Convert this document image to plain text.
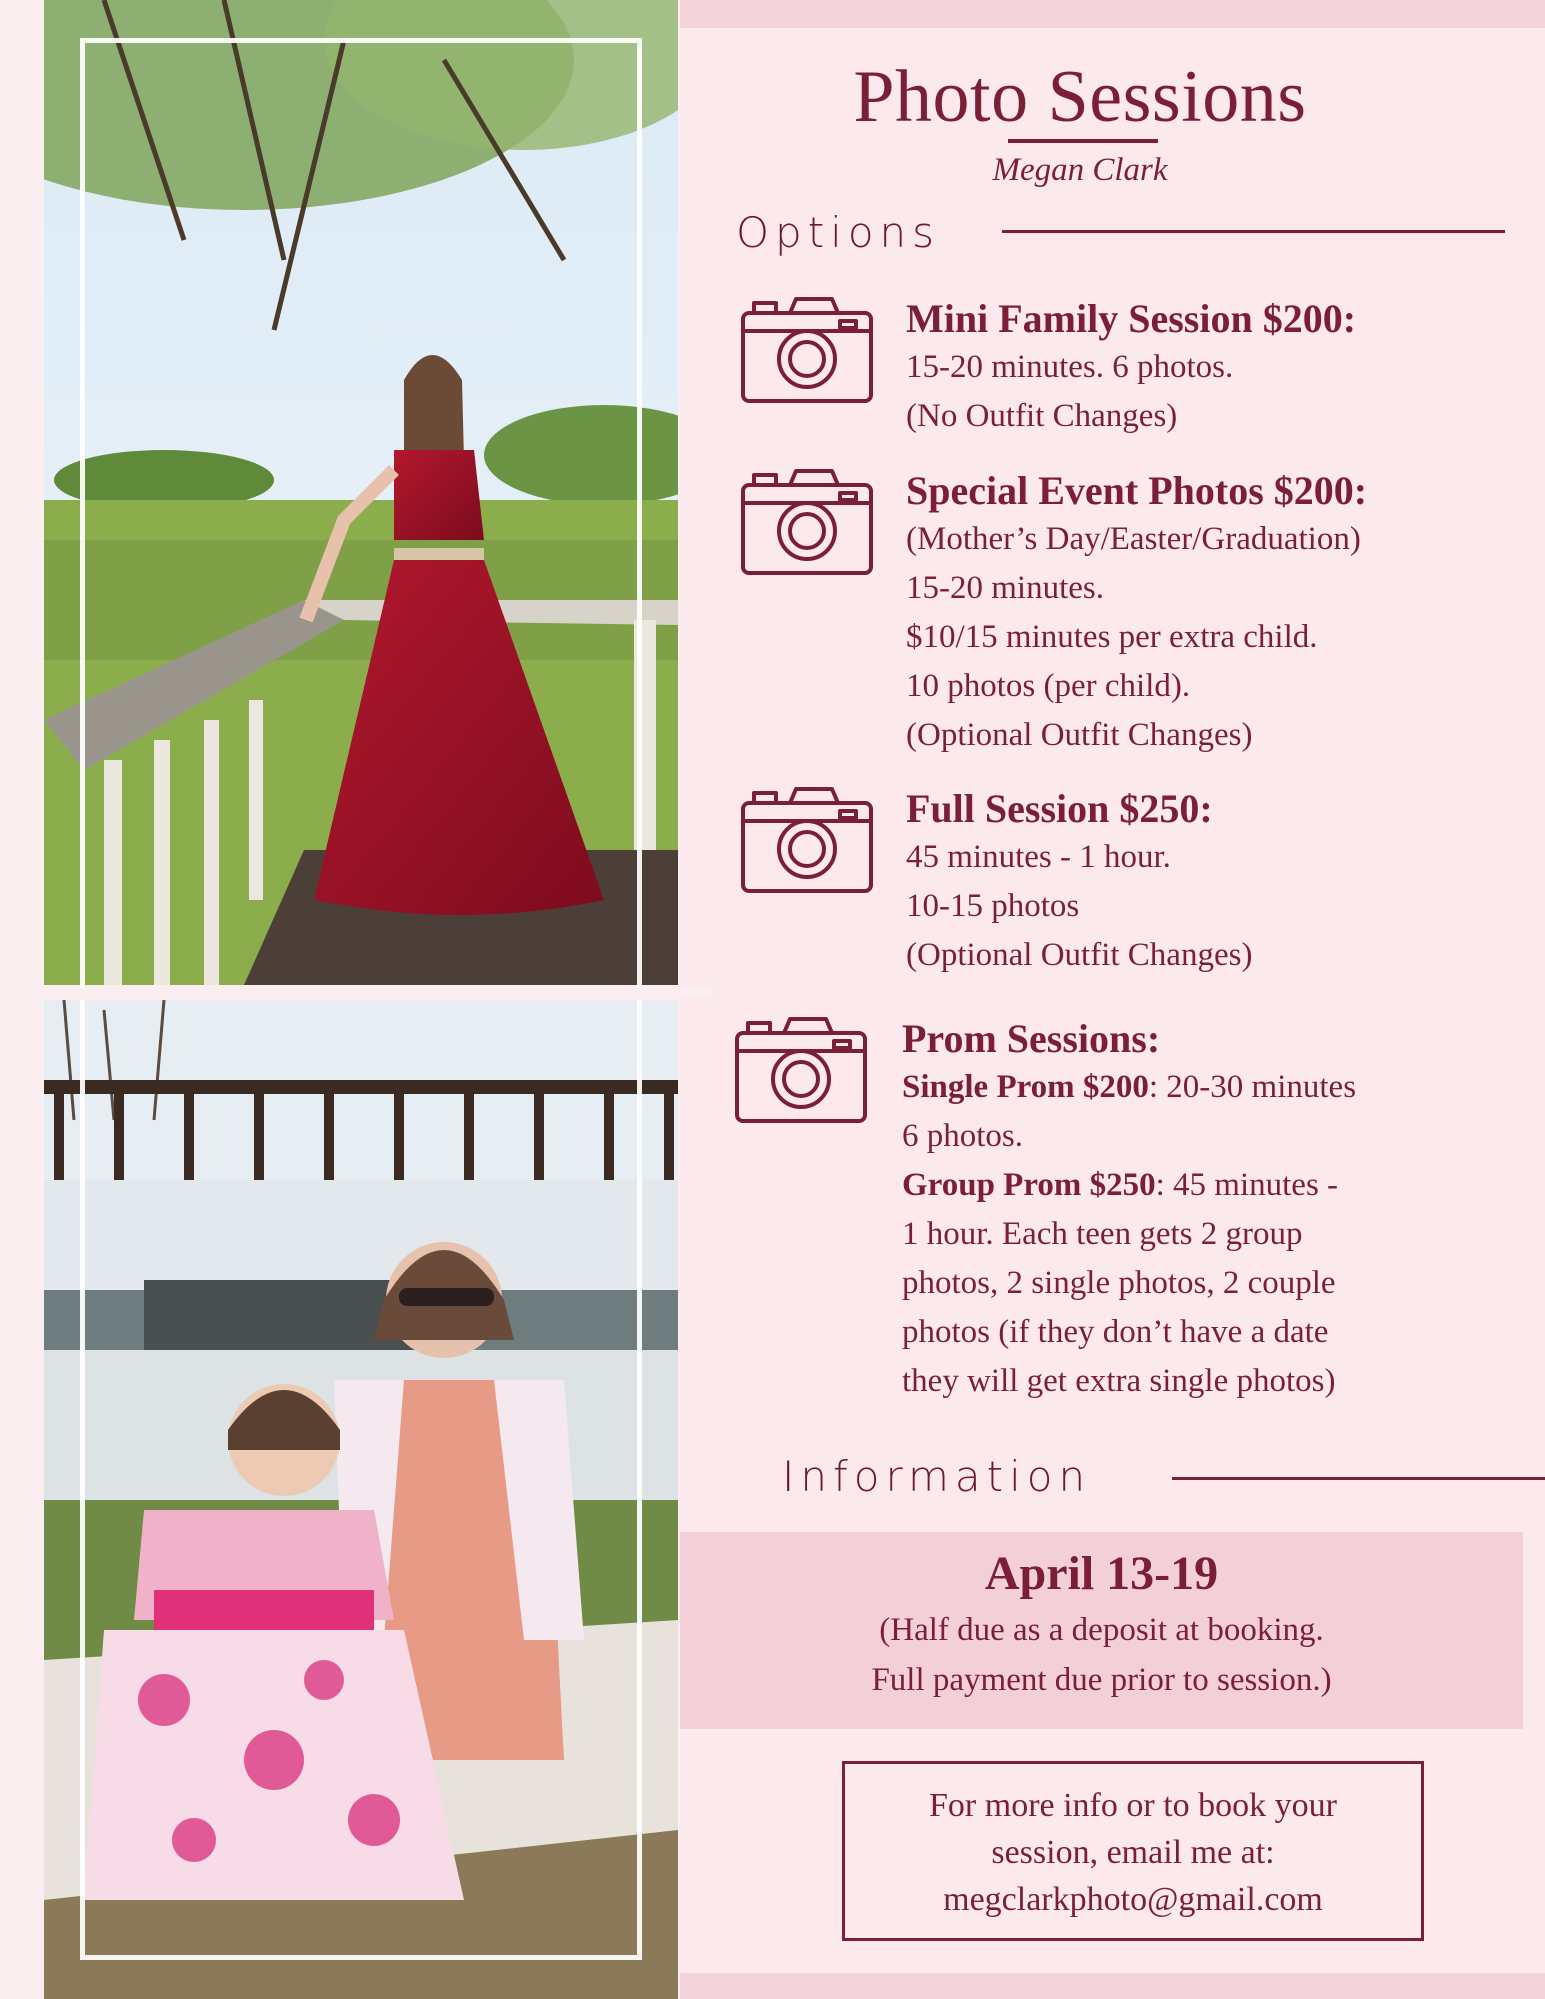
Photo Sessions
Megan Clark
Options
Mini Family Session $200:
15-20 minutes. 6 photos.
(No Outfit Changes)
Special Event Photos $200:
(Mother’s Day/Easter/Graduation)
15-20 minutes.
$10/15 minutes per extra child.
10 photos (per child).
(Optional Outfit Changes)
Full Session $250:
45 minutes - 1 hour.
10-15 photos
(Optional Outfit Changes)
Prom Sessions:
Single Prom $200: 20-30 minutes
6 photos.
Group Prom $250: 45 minutes -
1 hour. Each teen gets 2 group
photos, 2 single photos, 2 couple
photos (if they don’t have a date
they will get extra single photos)
Information
April 13-19
(Half due as a deposit at booking.
Full payment due prior to session.)
For more info or to book your
session, email me at:
megclarkphoto@gmail.com
